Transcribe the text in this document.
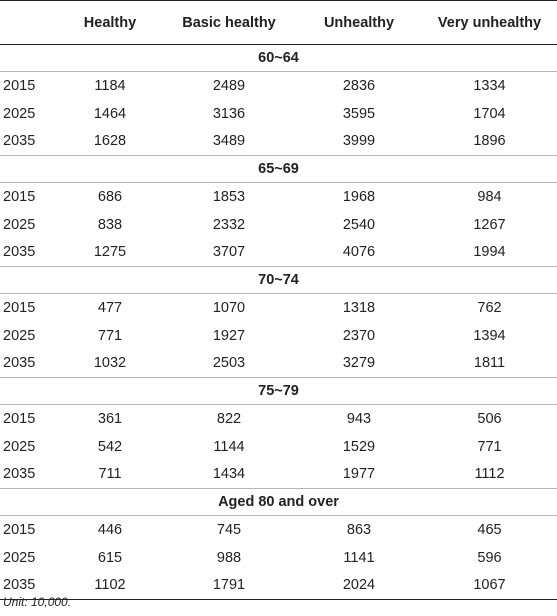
	Healthy	Basic healthy	Unhealthy	Very unhealthy
60~64				
2015	1184	2489	2836	1334
2025	1464	3136	3595	1704
2035	1628	3489	3999	1896
65~69				
2015	686	1853	1968	984
2025	838	2332	2540	1267
2035	1275	3707	4076	1994
70~74				
2015	477	1070	1318	762
2025	771	1927	2370	1394
2035	1032	2503	3279	1811
75~79				
2015	361	822	943	506
2025	542	1144	1529	771
2035	711	1434	1977	1112
Aged 80 and over				
2015	446	745	863	465
2025	615	988	1141	596
2035	1102	1791	2024	1067
Unit: 10,000.
